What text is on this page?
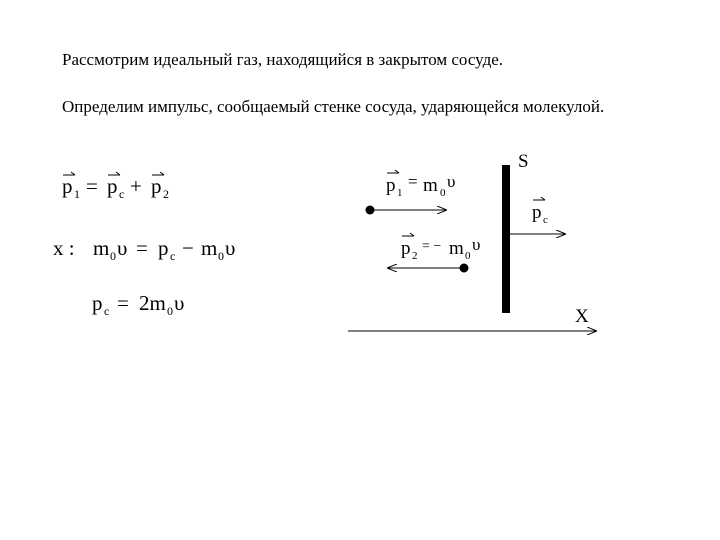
Рассмотрим идеальный газ, находящийся в закрытом сосуде.
Определим импульс, сообщаемый стенке сосуда, ударяющейся молекулой.
p 1 = p c + p 2
x : m 0 υ = p c − m 0 υ
p c = 2m 0 υ
S
p 1
= m 0
υ
p c
p 2
= − m 0
υ
X
